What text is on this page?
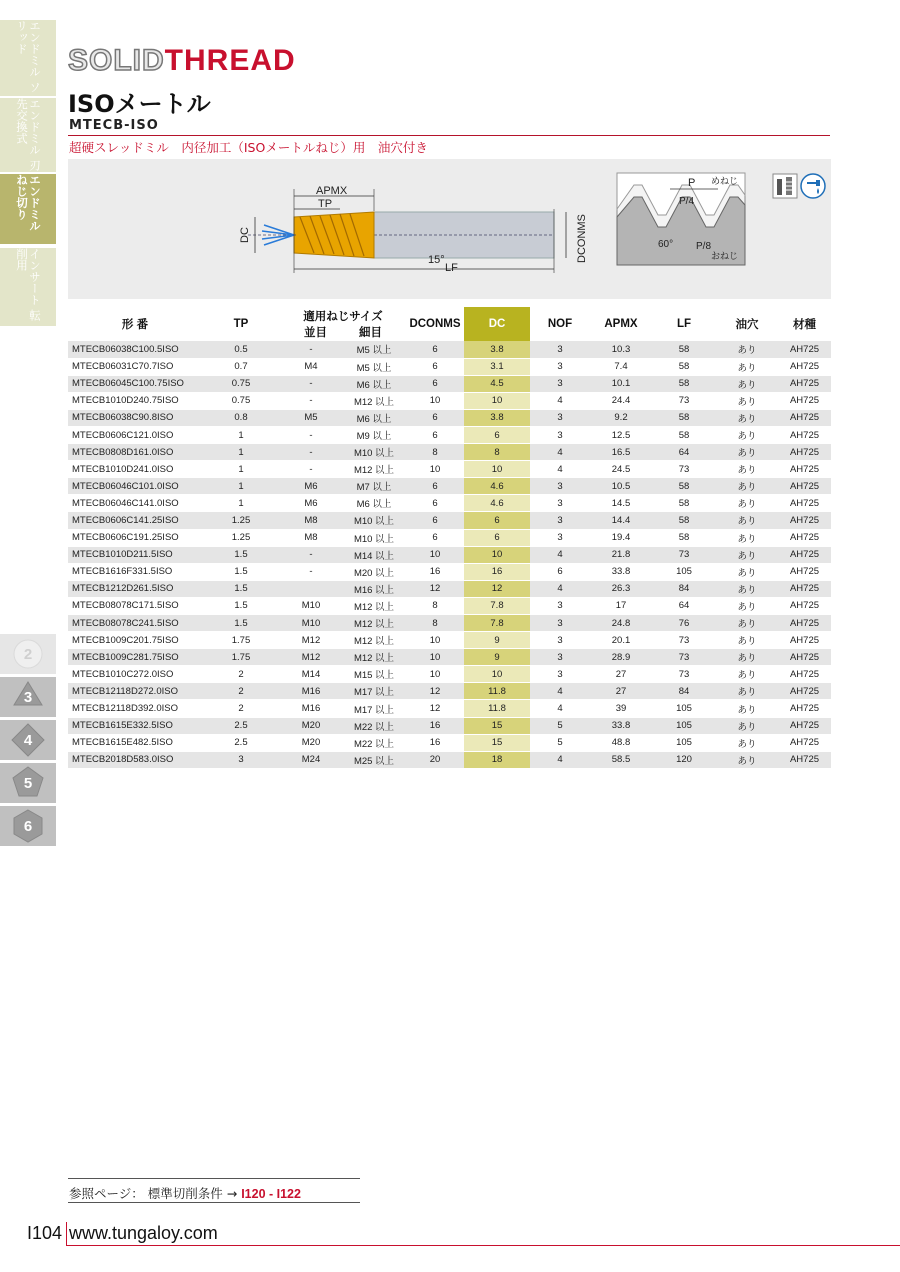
エンドミル ソリッド
エンドミル 刃先交換式
エンドミル ねじ切り
インサート 転削用
2
3
4
5
6
SOLIDTHREAD
ISOメートル
MTECB-ISO
超硬スレッドミル　内径加工（ISOメートルねじ）用　油穴付き
APMX
TP
DC	DCONMS
15°
LF
P
P/4
60° P/8
めねじ
おねじ
形 番	TP	適用ねじサイズ
並目 細目		DCONMS	DC	NOF	APMX	LF	油穴	材種
MTECB06038C100.5ISO	0.5	-	M5 以上	6	3.8	3	10.3	58	あり	AH725
MTECB06031C70.7ISO	0.7	M4	M5 以上	6	3.1	3	7.4	58	あり	AH725
MTECB06045C100.75ISO	0.75	-	M6 以上	6	4.5	3	10.1	58	あり	AH725
MTECB1010D240.75ISO	0.75	-	M12 以上	10	10	4	24.4	73	あり	AH725
MTECB06038C90.8ISO	0.8	M5	M6 以上	6	3.8	3	9.2	58	あり	AH725
MTECB0606C121.0ISO	1	-	M9 以上	6	6	3	12.5	58	あり	AH725
MTECB0808D161.0ISO	1	-	M10 以上	8	8	4	16.5	64	あり	AH725
MTECB1010D241.0ISO	1	-	M12 以上	10	10	4	24.5	73	あり	AH725
MTECB06046C101.0ISO	1	M6	M7 以上	6	4.6	3	10.5	58	あり	AH725
MTECB06046C141.0ISO	1	M6	M6 以上	6	4.6	3	14.5	58	あり	AH725
MTECB0606C141.25ISO	1.25	M8	M10 以上	6	6	3	14.4	58	あり	AH725
MTECB0606C191.25ISO	1.25	M8	M10 以上	6	6	3	19.4	58	あり	AH725
MTECB1010D211.5ISO	1.5	-	M14 以上	10	10	4	21.8	73	あり	AH725
MTECB1616F331.5ISO	1.5	-	M20 以上	16	16	6	33.8	105	あり	AH725
MTECB1212D261.5ISO	1.5		M16 以上	12	12	4	26.3	84	あり	AH725
MTECB08078C171.5ISO	1.5	M10	M12 以上	8	7.8	3	17	64	あり	AH725
MTECB08078C241.5ISO	1.5	M10	M12 以上	8	7.8	3	24.8	76	あり	AH725
MTECB1009C201.75ISO	1.75	M12	M12 以上	10	9	3	20.1	73	あり	AH725
MTECB1009C281.75ISO	1.75	M12	M12 以上	10	9	3	28.9	73	あり	AH725
MTECB1010C272.0ISO	2	M14	M15 以上	10	10	3	27	73	あり	AH725
MTECB12118D272.0ISO	2	M16	M17 以上	12	11.8	4	27	84	あり	AH725
MTECB12118D392.0ISO	2	M16	M17 以上	12	11.8	4	39	105	あり	AH725
MTECB1615E332.5ISO	2.5	M20	M22 以上	16	15	5	33.8	105	あり	AH725
MTECB1615E482.5ISO	2.5	M20	M22 以上	16	15	5	48.8	105	あり	AH725
MTECB2018D583.0ISO	3	M24	M25 以上	20	18	4	58.5	120	あり	AH725
参照ページ： 標準切削条件 → I120 - I122
I104 www.tungaloy.com
